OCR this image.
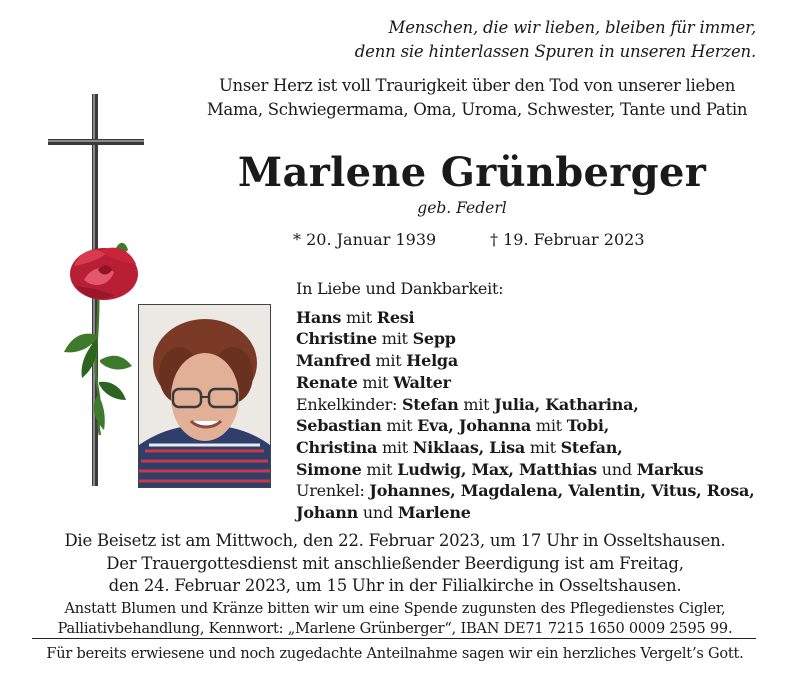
Menschen, die wir lieben, bleiben für immer,
denn sie hinterlassen Spuren in unseren Herzen.
Unser Herz ist voll Traurigkeit über den Tod von unserer lieben
Mama, Schwiegermama, Oma, Uroma, Schwester, Tante und Patin
Marlene Grünberger
geb. Federl
* 20. Januar 1939	† 19. Februar 2023
In Liebe und Dankbarkeit:
Hans mit Resi
Christine mit Sepp
Manfred mit Helga
Renate mit Walter
Enkelkinder: Stefan mit Julia, Katharina,
Sebastian mit Eva, Johanna mit Tobi,
Christina mit Niklaas, Lisa mit Stefan,
Simone mit Ludwig, Max, Matthias und Markus
Urenkel: Johannes, Magdalena, Valentin, Vitus, Rosa,
Johann und Marlene
Die Beisetz ist am Mittwoch, den 22. Februar 2023, um 17 Uhr in Osseltshausen.
Der Trauergottesdienst mit anschließender Beerdigung ist am Freitag,
den 24. Februar 2023, um 15 Uhr in der Filialkirche in Osseltshausen.
Anstatt Blumen und Kränze bitten wir um eine Spende zugunsten des Pflegedienstes Cigler,
Palliativbehandlung, Kennwort: „Marlene Grünberger“, IBAN DE71 7215 1650 0009 2595 99.
Für bereits erwiesene und noch zugedachte Anteilnahme sagen wir ein herzliches Vergelt’s Gott.
